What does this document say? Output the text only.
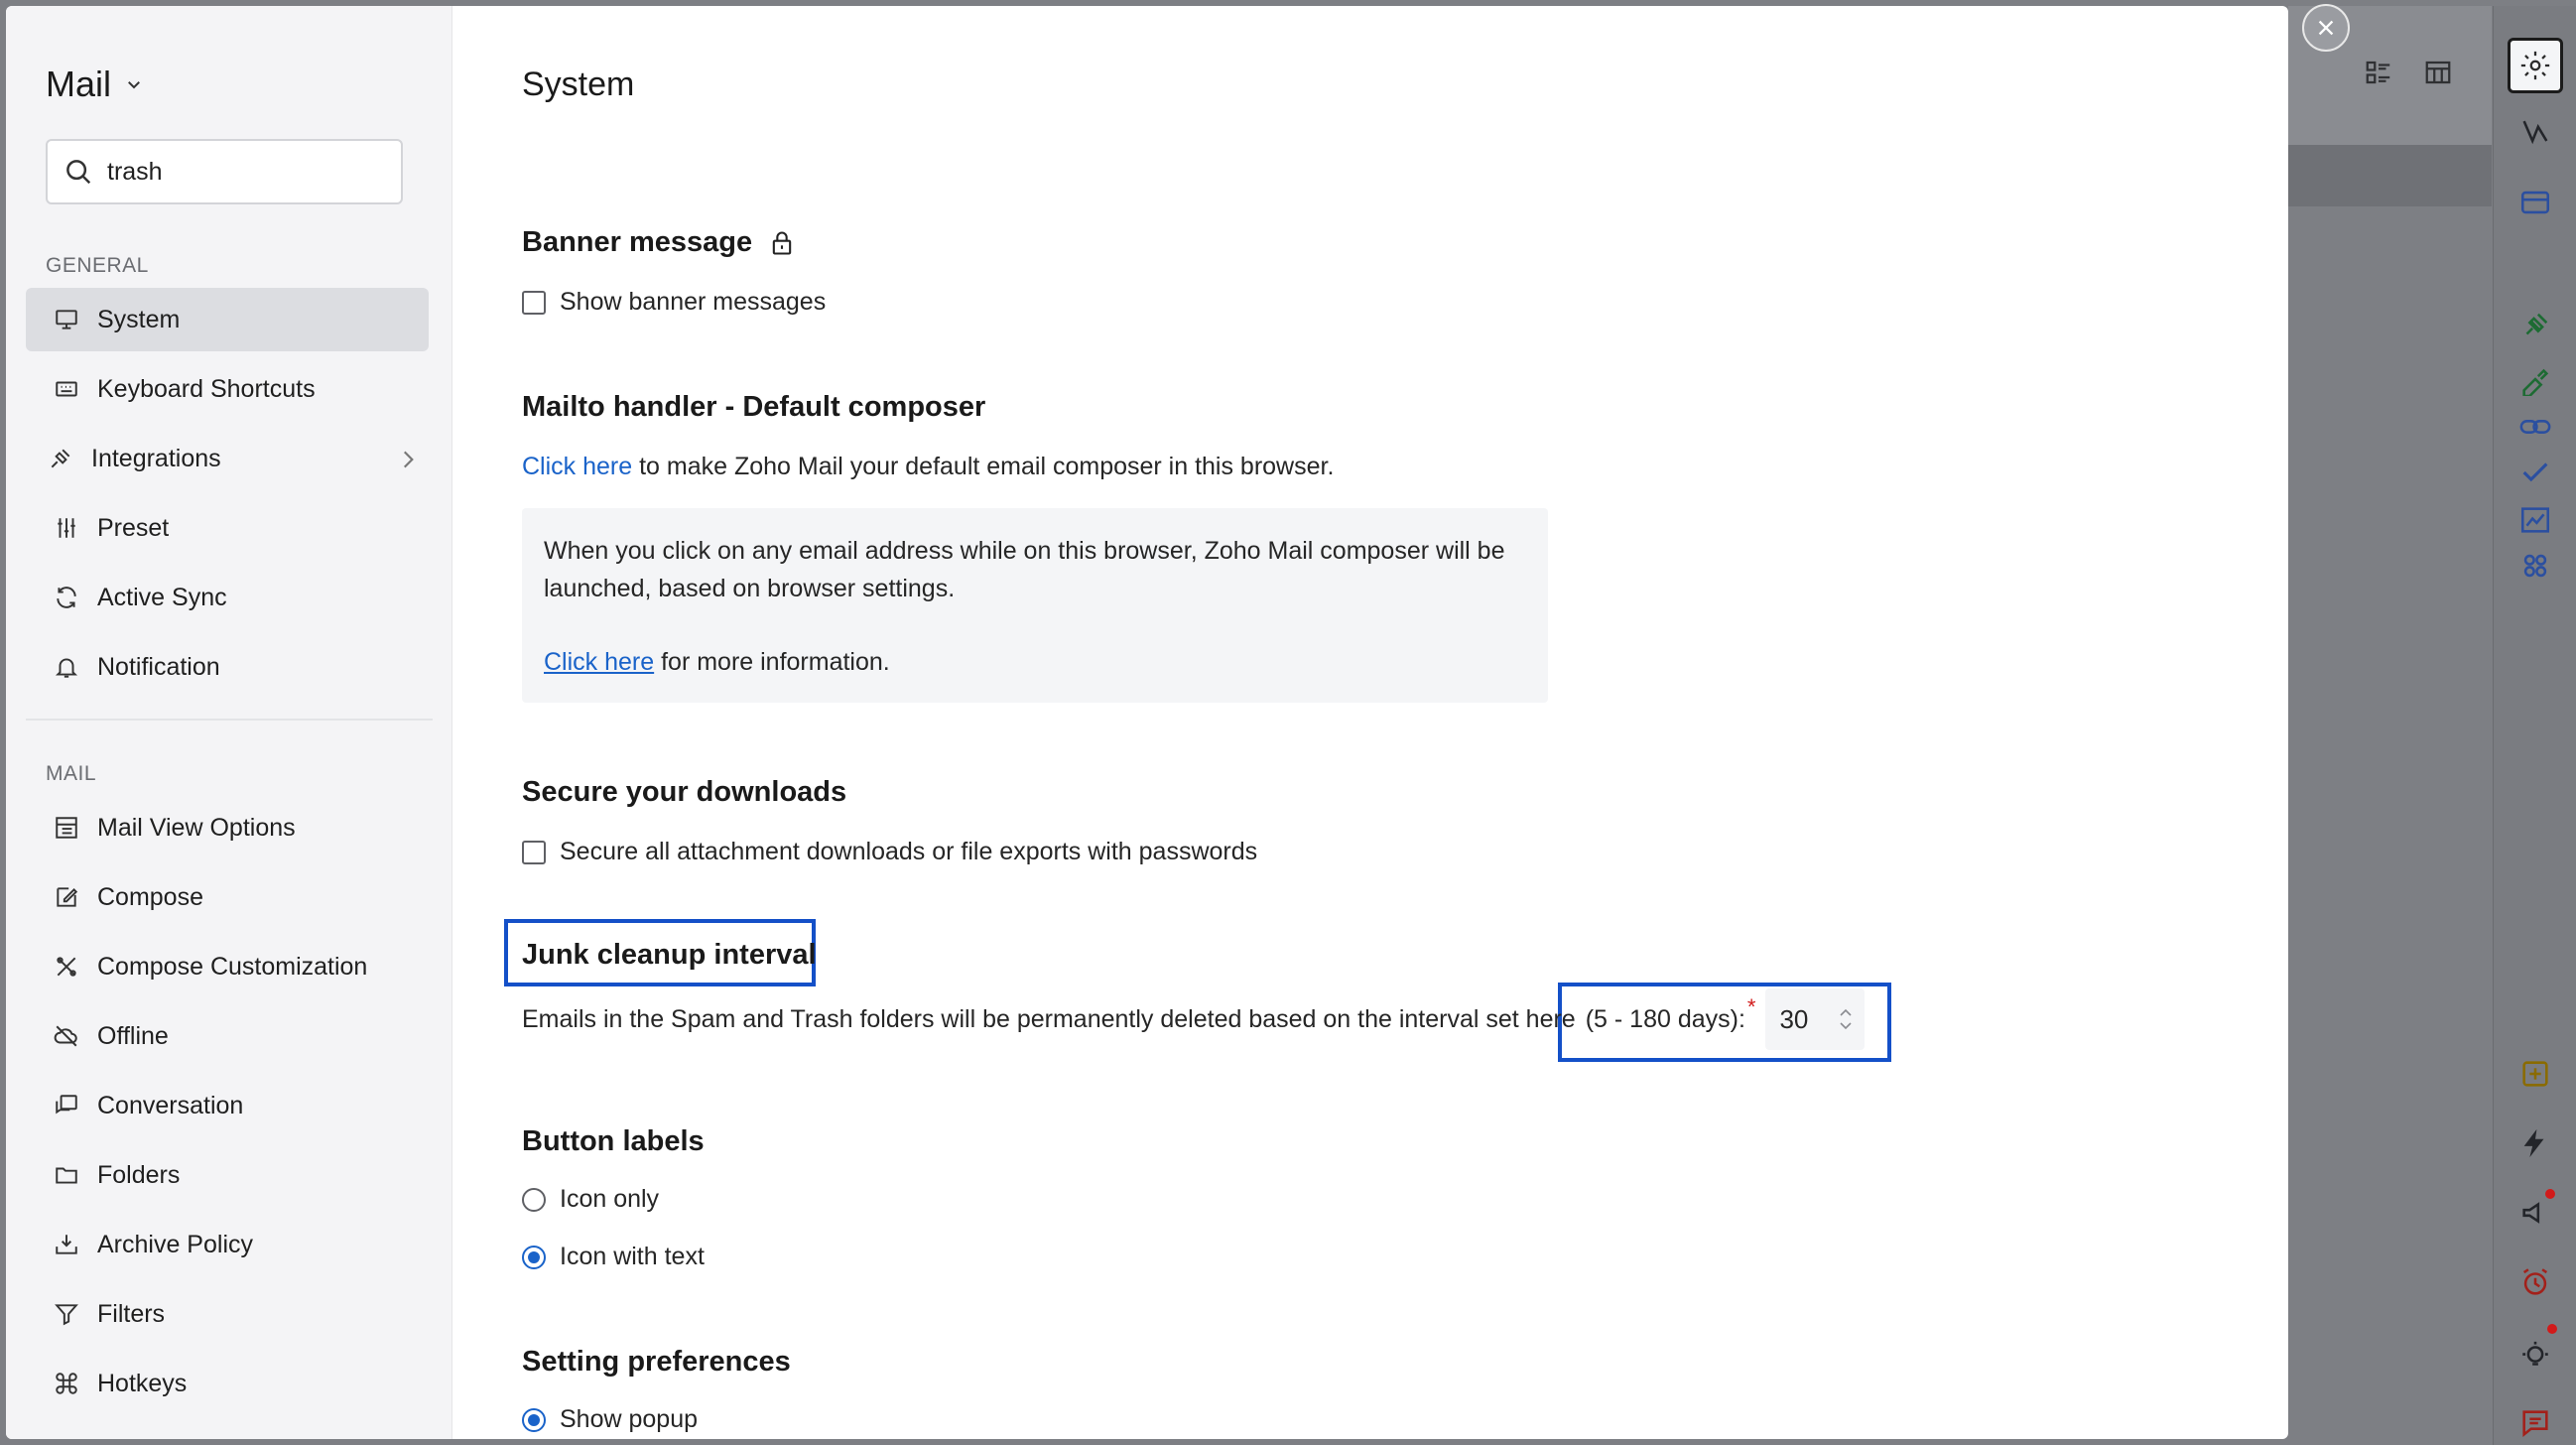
Mail
trash
GENERAL
System
Keyboard Shortcuts
Integrations
Preset
Active Sync
Notification
MAIL
Mail View Options
Compose
Compose Customization
Offline
Conversation
Folders
Archive Policy
Filters
Hotkeys
System
Banner message
Show banner messages
Mailto handler - Default composer
Click here to make Zoho Mail your default email composer in this browser.
When you click on any email address while on this browser, Zoho Mail composer will be launched, based on browser settings.
Click here for more information.
Secure your downloads
Secure all attachment downloads or file exports with passwords
Junk cleanup interval
Emails in the Spam and Trash folders will be permanently deleted based on the interval set here (5 - 180 days): * 30
Button labels
Icon only
Icon with text
Setting preferences
Show popup
